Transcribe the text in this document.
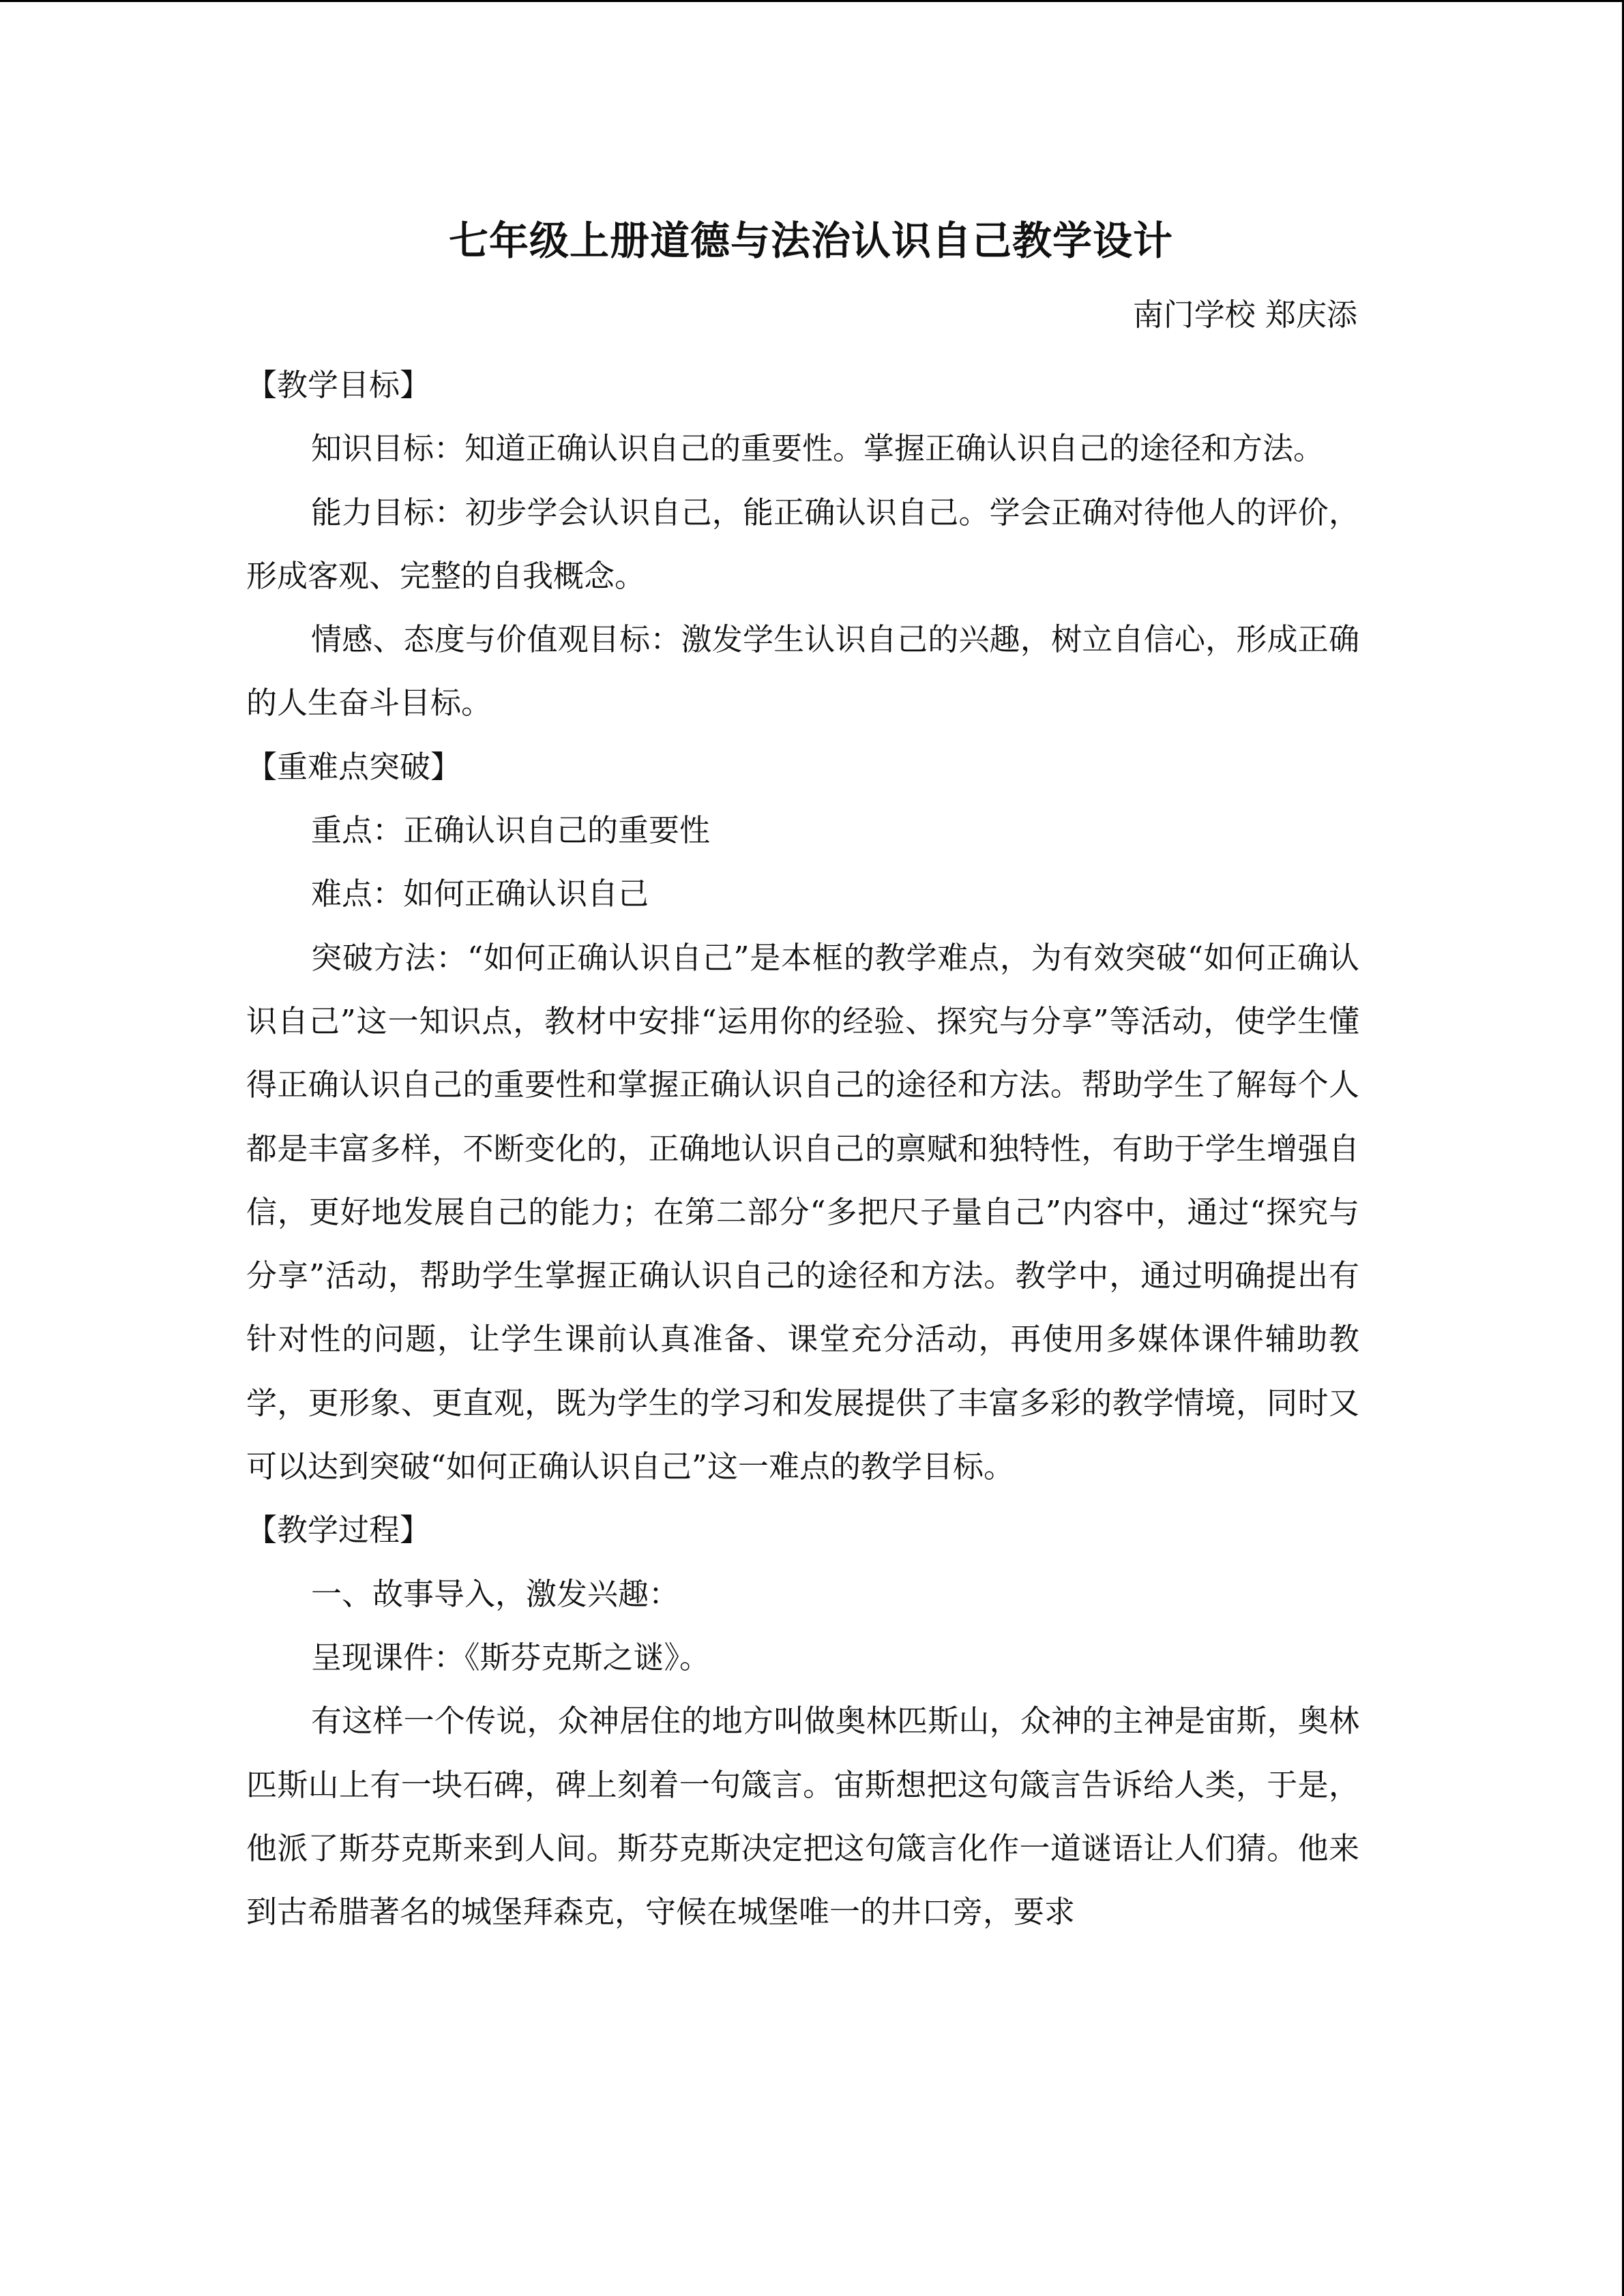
七年级上册道德与法治认识自己教学设计
南门学校 郑庆添

【教学目标】

知识目标：知道正确认识自己的重要性。掌握正确认识自己的途径和方法。

能力目标：初步学会认识自己，能正确认识自己。学会正确对待他人的评价，形成客观、完整的自我概念。

情感、态度与价值观目标：激发学生认识自己的兴趣，树立自信心，形成正确的人生奋斗目标。

【重难点突破】

重点：正确认识自己的重要性

难点：如何正确认识自己

突破方法：“如何正确认识自己”是本框的教学难点，为有效突破“如何正确认识自己”这一知识点，教材中安排“运用你的经验、探究与分享”等活动，使学生懂得正确认识自己的重要性和掌握正确认识自己的途径和方法。帮助学生了解每个人都是丰富多样，不断变化的，正确地认识自己的禀赋和独特性，有助于学生增强自信，更好地发展自己的能力；在第二部分“多把尺子量自己”内容中，通过“探究与分享”活动，帮助学生掌握正确认识自己的途径和方法。教学中，通过明确提出有针对性的问题，让学生课前认真准备、课堂充分活动，再使用多媒体课件辅助教学，更形象、更直观，既为学生的学习和发展提供了丰富多彩的教学情境，同时又可以达到突破“如何正确认识自己”这一难点的教学目标。

【教学过程】

一、故事导入，激发兴趣：

呈现课件：《斯芬克斯之谜》。

有这样一个传说，众神居住的地方叫做奥林匹斯山，众神的主神是宙斯，奥林匹斯山上有一块石碑，碑上刻着一句箴言。宙斯想把这句箴言告诉给人类，于是，他派了斯芬克斯来到人间。斯芬克斯决定把这句箴言化作一道谜语让人们猜。他来到古希腊著名的城堡拜森克，守候在城堡唯一的井口旁，要求
